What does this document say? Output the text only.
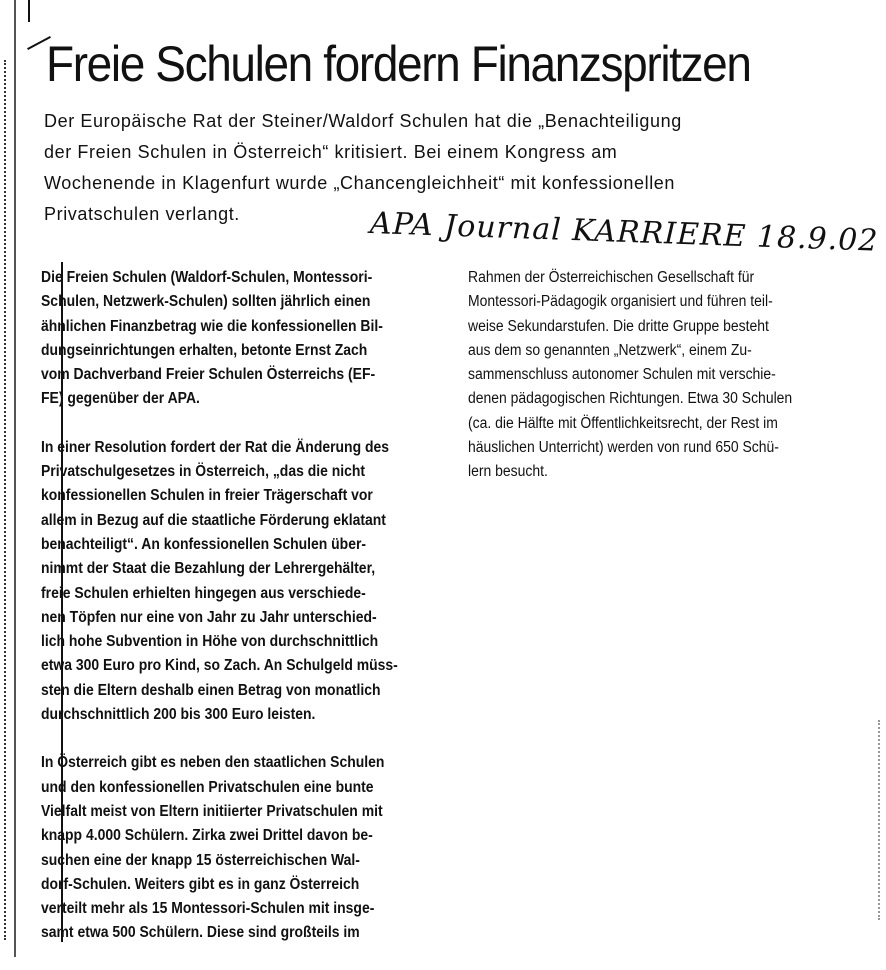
Freie Schulen fordern Finanzspritzen
Der Europäische Rat der Steiner/Waldorf Schulen hat die „Benachteiligung
der Freien Schulen in Österreich“ kritisiert. Bei einem Kongress am
Wochenende in Klagenfurt wurde „Chancengleichheit“ mit konfessionellen
Privatschulen verlangt.	APA Journal KARRIERE 18.9.02

Die Freien Schulen (Waldorf-Schulen, Montessori-
Schulen, Netzwerk-Schulen) sollten jährlich einen
ähnlichen Finanzbetrag wie die konfessionellen Bil-
dungseinrichtungen erhalten, betonte Ernst Zach
vom Dachverband Freier Schulen Österreichs (EF-
FE) gegenüber der APA.

In einer Resolution fordert der Rat die Änderung des
Privatschulgesetzes in Österreich, „das die nicht
konfessionellen Schulen in freier Trägerschaft vor
allem in Bezug auf die staatliche Förderung eklatant
benachteiligt“. An konfessionellen Schulen über-
nimmt der Staat die Bezahlung der Lehrergehälter,
freie Schulen erhielten hingegen aus verschiede-
nen Töpfen nur eine von Jahr zu Jahr unterschied-
lich hohe Subvention in Höhe von durchschnittlich
etwa 300 Euro pro Kind, so Zach. An Schulgeld müss-
sten die Eltern deshalb einen Betrag von monatlich
durchschnittlich 200 bis 300 Euro leisten.

In Österreich gibt es neben den staatlichen Schulen
und den konfessionellen Privatschulen eine bunte
Vielfalt meist von Eltern initiierter Privatschulen mit
knapp 4.000 Schülern. Zirka zwei Drittel davon be-
suchen eine der knapp 15 österreichischen Wal-
dorf-Schulen. Weiters gibt es in ganz Österreich
verteilt mehr als 15 Montessori-Schulen mit insge-
samt etwa 500 Schülern. Diese sind großteils im

Rahmen der Österreichischen Gesellschaft für
Montessori-Pädagogik organisiert und führen teil-
weise Sekundarstufen. Die dritte Gruppe besteht
aus dem so genannten „Netzwerk“, einem Zu-
sammenschluss autonomer Schulen mit verschie-
denen pädagogischen Richtungen. Etwa 30 Schulen
(ca. die Hälfte mit Öffentlichkeitsrecht, der Rest im
häuslichen Unterricht) werden von rund 650 Schü-
lern besucht.
